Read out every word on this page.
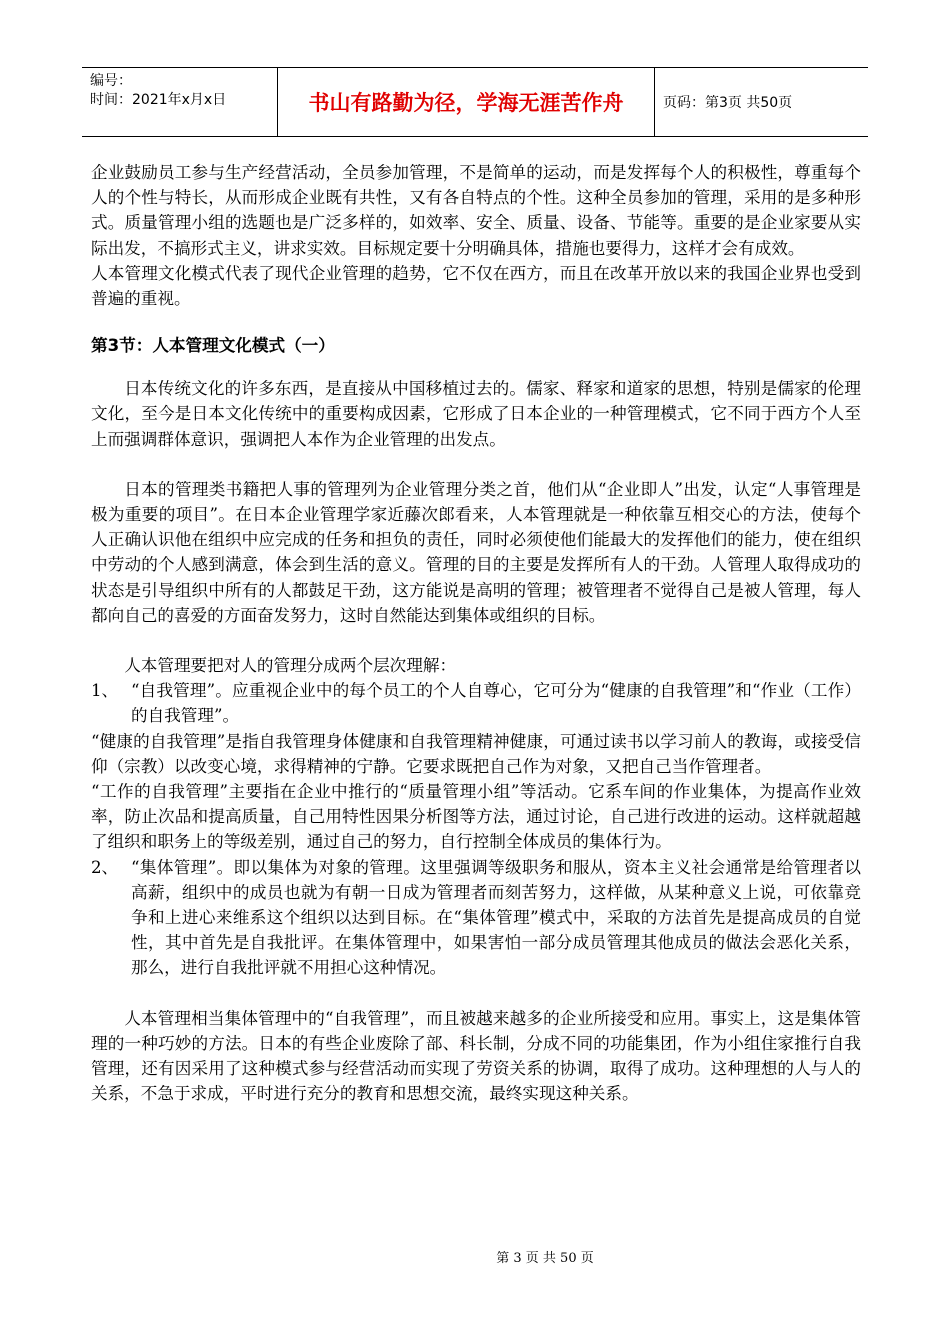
编号：
时间：2021年x月x日	书山有路勤为径，学海无涯苦作舟	页码：第3页 共50页

企业鼓励员工参与生产经营活动，全员参加管理，不是简单的运动，而是发挥每个人的积极性，尊重每个人的个性与特长，从而形成企业既有共性，又有各自特点的个性。这种全员参加的管理，采用的是多种形式。质量管理小组的选题也是广泛多样的，如效率、安全、质量、设备、节能等。重要的是企业家要从实际出发，不搞形式主义，讲求实效。目标规定要十分明确具体，措施也要得力，这样才会有成效。

人本管理文化模式代表了现代企业管理的趋势，它不仅在西方，而且在改革开放以来的我国企业界也受到普遍的重视。

第3节：人本管理文化模式（一）

日本传统文化的许多东西，是直接从中国移植过去的。儒家、释家和道家的思想，特别是儒家的伦理文化，至今是日本文化传统中的重要构成因素，它形成了日本企业的一种管理模式，它不同于西方个人至上而强调群体意识，强调把人本作为企业管理的出发点。

日本的管理类书籍把人事的管理列为企业管理分类之首，他们从“企业即人”出发，认定“人事管理是极为重要的项目”。在日本企业管理学家近藤次郎看来，人本管理就是一种依靠互相交心的方法，使每个人正确认识他在组织中应完成的任务和担负的责任，同时必须使他们能最大的发挥他们的能力，使在组织中劳动的个人感到满意，体会到生活的意义。管理的目的主要是发挥所有人的干劲。人管理人取得成功的状态是引导组织中所有的人都鼓足干劲，这方能说是高明的管理；被管理者不觉得自己是被人管理，每人都向自己的喜爱的方面奋发努力，这时自然能达到集体或组织的目标。

人本管理要把对人的管理分成两个层次理解：

1、 “自我管理”。应重视企业中的每个员工的个人自尊心，它可分为“健康的自我管理”和“作业（工作）的自我管理”。

“健康的自我管理”是指自我管理身体健康和自我管理精神健康，可通过读书以学习前人的教诲，或接受信仰（宗教）以改变心境，求得精神的宁静。它要求既把自己作为对象，又把自己当作管理者。

“工作的自我管理”主要指在企业中推行的“质量管理小组”等活动。它系车间的作业集体，为提高作业效率，防止次品和提高质量，自己用特性因果分析图等方法，通过讨论，自己进行改进的运动。这样就超越了组织和职务上的等级差别，通过自己的努力，自行控制全体成员的集体行为。

2、 “集体管理”。即以集体为对象的管理。这里强调等级职务和服从，资本主义社会通常是给管理者以高薪，组织中的成员也就为有朝一日成为管理者而刻苦努力，这样做，从某种意义上说，可依靠竞争和上进心来维系这个组织以达到目标。在“集体管理”模式中，采取的方法首先是提高成员的自觉性，其中首先是自我批评。在集体管理中，如果害怕一部分成员管理其他成员的做法会恶化关系，那么，进行自我批评就不用担心这种情况。

人本管理相当集体管理中的“自我管理”，而且被越来越多的企业所接受和应用。事实上，这是集体管理的一种巧妙的方法。日本的有些企业废除了部、科长制，分成不同的功能集团，作为小组住家推行自我管理，还有因采用了这种模式参与经营活动而实现了劳资关系的协调，取得了成功。这种理想的人与人的关系，不急于求成，平时进行充分的教育和思想交流，最终实现这种关系。

第 3 页 共 50 页
